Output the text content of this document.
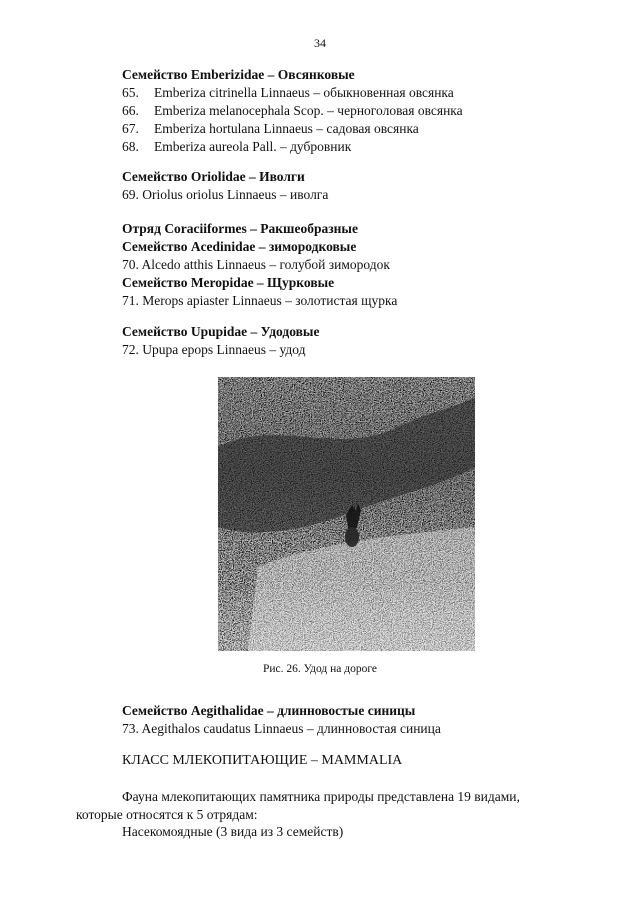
34
Семейство Emberizidae – Овсянковые
65. Emberiza citrinella Linnaeus – обыкновенная овсянка
66. Emberiza melanocephala Scop. – черноголовая овсянка
67. Emberiza hortulana Linnaeus – садовая овсянка
68. Emberiza aureola Pall. – дубровник
Семейство Oriolidae – Иволги
69. Oriolus oriolus Linnaeus – иволга
Отряд Coraciiformes – Ракшеобразные
Семейство Acedinidae – зимородковые
70. Alcedo atthis Linnaeus – голубой зимородок
Семейство Meropidae – Щурковые
71. Merops apiaster Linnaeus – золотистая щурка
Семейство Upupidae – Удодовые
72. Upupa epops Linnaeus – удод
Рис. 26. Удод на дороге
Семейство Aegithalidae – длинновостые синицы
73. Aegithalos caudatus Linnaeus – длинновостая синица
КЛАСС МЛЕКОПИТАЮЩИЕ – MAMMALIA
Фауна млекопитающих памятника природы представлена 19 видами,
которые относятся к 5 отрядам:
Насекомоядные (3 вида из 3 семейств)
